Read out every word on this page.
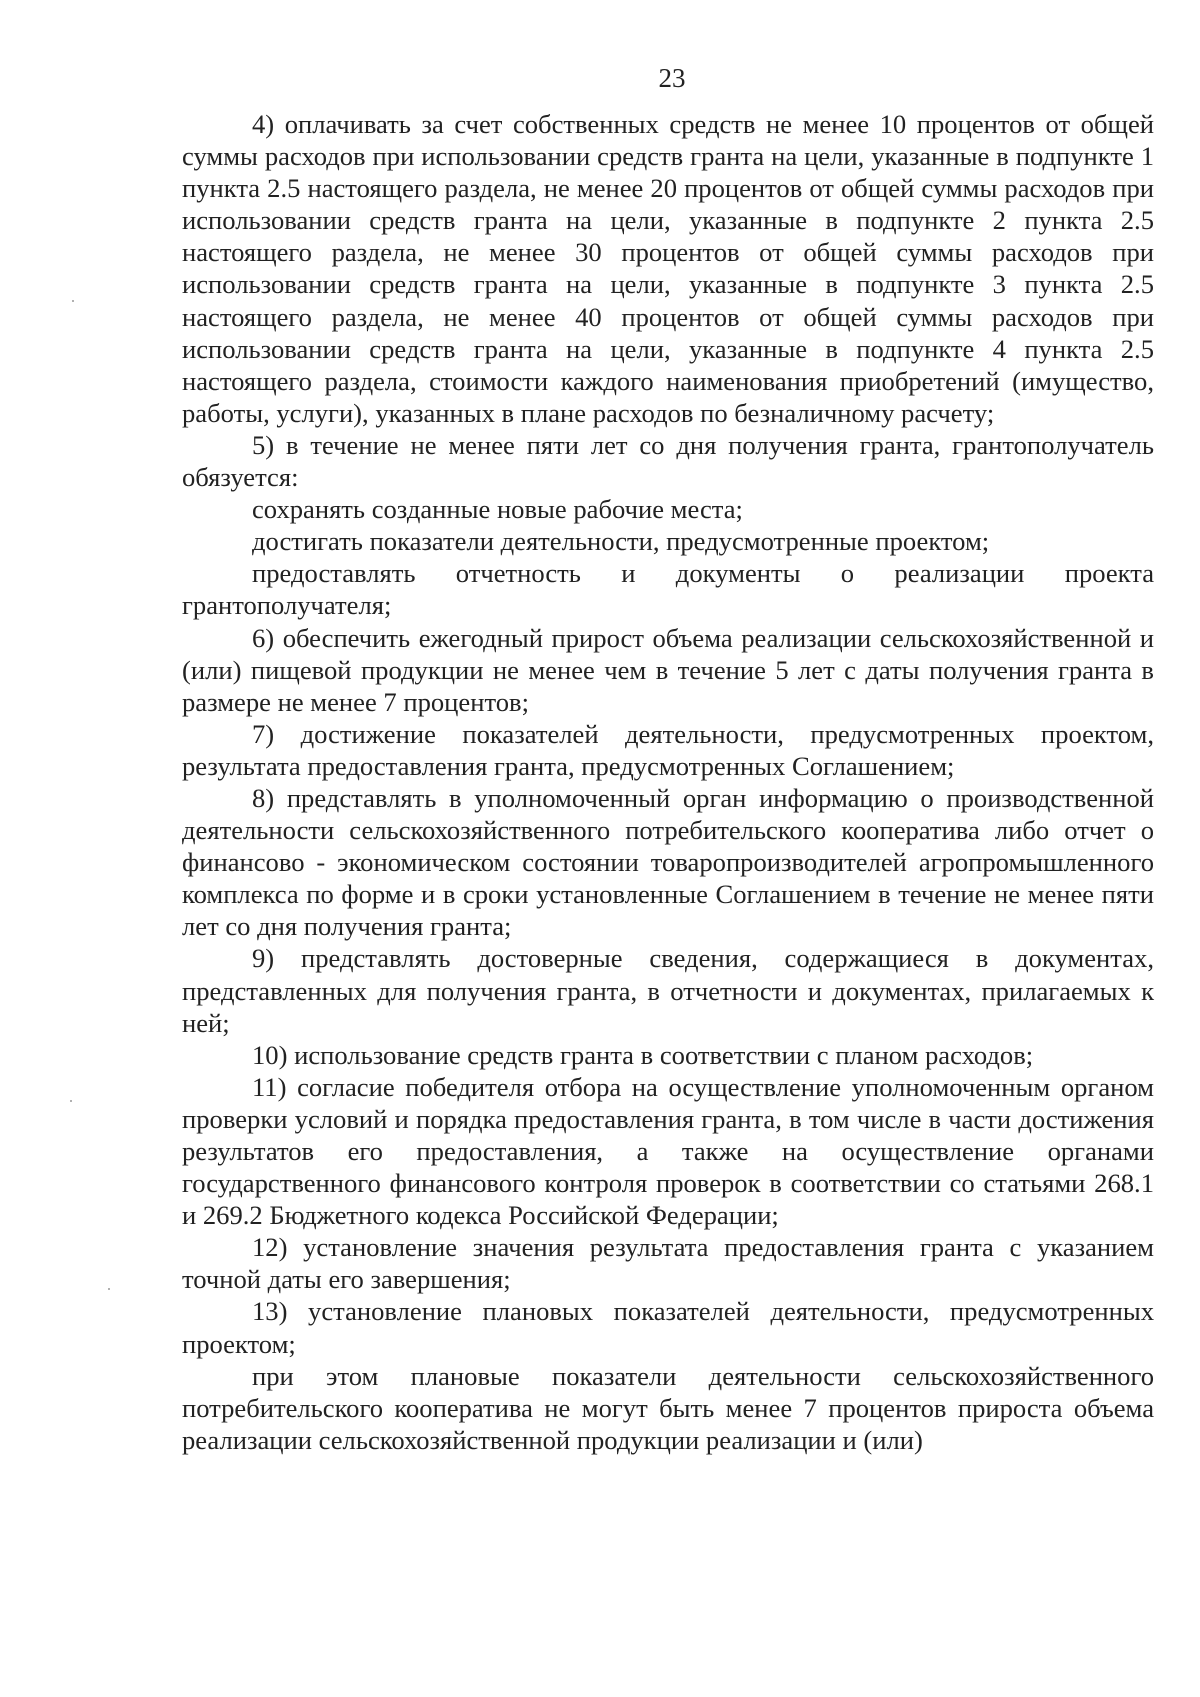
23

4) оплачивать за счет собственных средств не менее 10 процентов от общей суммы расходов при использовании средств гранта на цели, указанные в подпункте 1 пункта 2.5 настоящего раздела, не менее 20 процентов от общей суммы расходов при использовании средств гранта на цели, указанные в подпункте 2 пункта 2.5 настоящего раздела, не менее 30 процентов от общей суммы расходов при использовании средств гранта на цели, указанные в подпункте 3 пункта 2.5 настоящего раздела, не менее 40 процентов от общей суммы расходов при использовании средств гранта на цели, указанные в подпункте 4 пункта 2.5 настоящего раздела, стоимости каждого наименования приобретений (имущество, работы, услуги), указанных в плане расходов по безналичному расчету;

5) в течение не менее пяти лет со дня получения гранта, грантополучатель обязуется:

сохранять созданные новые рабочие места;

достигать показатели деятельности, предусмотренные проектом;

предоставлять отчетность и документы о реализации проекта грантополучателя;

6) обеспечить ежегодный прирост объема реализации сельскохозяйственной и (или) пищевой продукции не менее чем в течение 5 лет с даты получения гранта в размере не менее 7 процентов;

7) достижение показателей деятельности, предусмотренных проектом, результата предоставления гранта, предусмотренных Соглашением;

8) представлять в уполномоченный орган информацию о производственной деятельности сельскохозяйственного потребительского кооператива либо отчет о финансово - экономическом состоянии товаропроизводителей агропромышленного комплекса по форме и в сроки установленные Соглашением в течение не менее пяти лет со дня получения гранта;

9) представлять достоверные сведения, содержащиеся в документах, представленных для получения гранта, в отчетности и документах, прилагаемых к ней;

10) использование средств гранта в соответствии с планом расходов;

11) согласие победителя отбора на осуществление уполномоченным органом проверки условий и порядка предоставления гранта, в том числе в части достижения результатов его предоставления, а также на осуществление органами государственного финансового контроля проверок в соответствии со статьями 268.1 и 269.2 Бюджетного кодекса Российской Федерации;

12) установление значения результата предоставления гранта с указанием точной даты его завершения;

13) установление плановых показателей деятельности, предусмотренных проектом;

при этом плановые показатели деятельности сельскохозяйственного потребительского кооператива не могут быть менее 7 процентов прироста объема реализации сельскохозяйственной продукции реализации и (или)
